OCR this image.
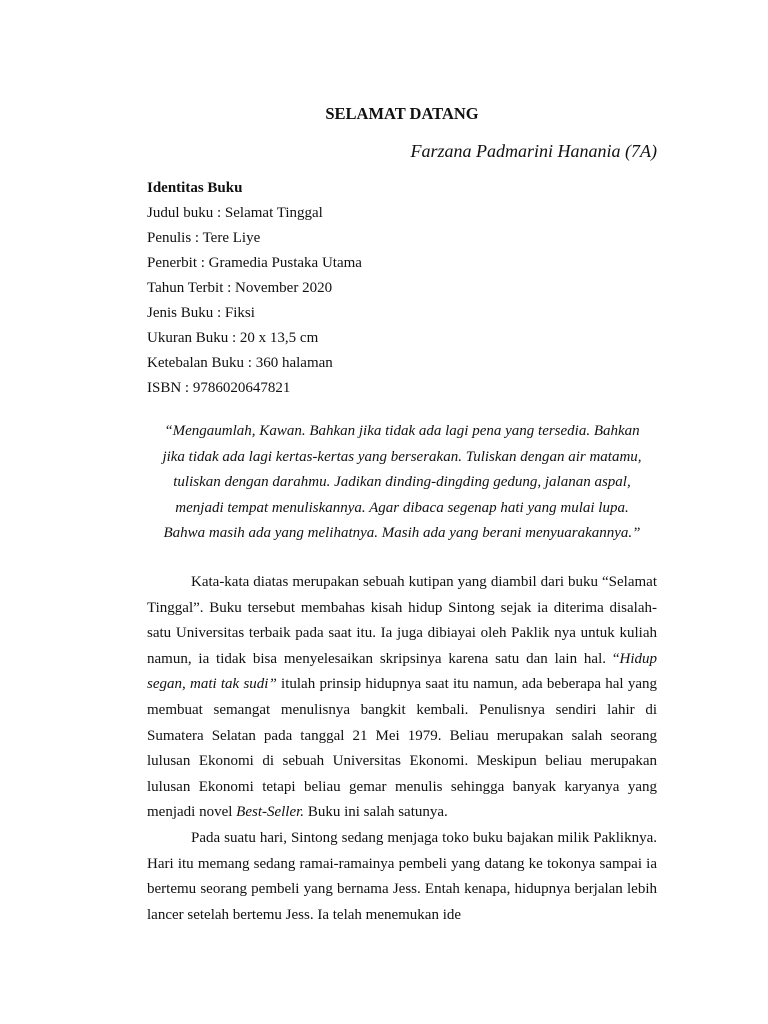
SELAMAT DATANG
Farzana Padmarini Hanania (7A)
Identitas Buku
Judul buku : Selamat Tinggal
Penulis : Tere Liye
Penerbit : Gramedia Pustaka Utama
Tahun Terbit : November 2020
Jenis Buku : Fiksi
Ukuran Buku : 20 x 13,5 cm
Ketebalan Buku : 360 halaman
ISBN : 9786020647821
“Mengaumlah, Kawan. Bahkan jika tidak ada lagi pena yang tersedia. Bahkan
jika tidak ada lagi kertas-kertas yang berserakan. Tuliskan dengan air matamu,
tuliskan dengan darahmu. Jadikan dinding-dingding gedung, jalanan aspal,
menjadi tempat menuliskannya. Agar dibaca segenap hati yang mulai lupa.
Bahwa masih ada yang melihatnya. Masih ada yang berani menyuarakannya.”

Kata-kata diatas merupakan sebuah kutipan yang diambil dari buku “Selamat Tinggal”. Buku tersebut membahas kisah hidup Sintong sejak ia diterima disalah-satu Universitas terbaik pada saat itu. Ia juga dibiayai oleh Paklik nya untuk kuliah namun, ia tidak bisa menyelesaikan skripsinya karena satu dan lain hal. “Hidup segan, mati tak sudi” itulah prinsip hidupnya saat itu namun, ada beberapa hal yang membuat semangat menulisnya bangkit kembali. Penulisnya sendiri lahir di Sumatera Selatan pada tanggal 21 Mei 1979. Beliau merupakan salah seorang lulusan Ekonomi di sebuah Universitas Ekonomi. Meskipun beliau merupakan lulusan Ekonomi tetapi beliau gemar menulis sehingga banyak karyanya yang menjadi novel Best-Seller. Buku ini salah satunya.

Pada suatu hari, Sintong sedang menjaga toko buku bajakan milik Pakliknya. Hari itu memang sedang ramai-ramainya pembeli yang datang ke tokonya sampai ia bertemu seorang pembeli yang bernama Jess. Entah kenapa, hidupnya berjalan lebih lancer setelah bertemu Jess. Ia telah menemukan ide
